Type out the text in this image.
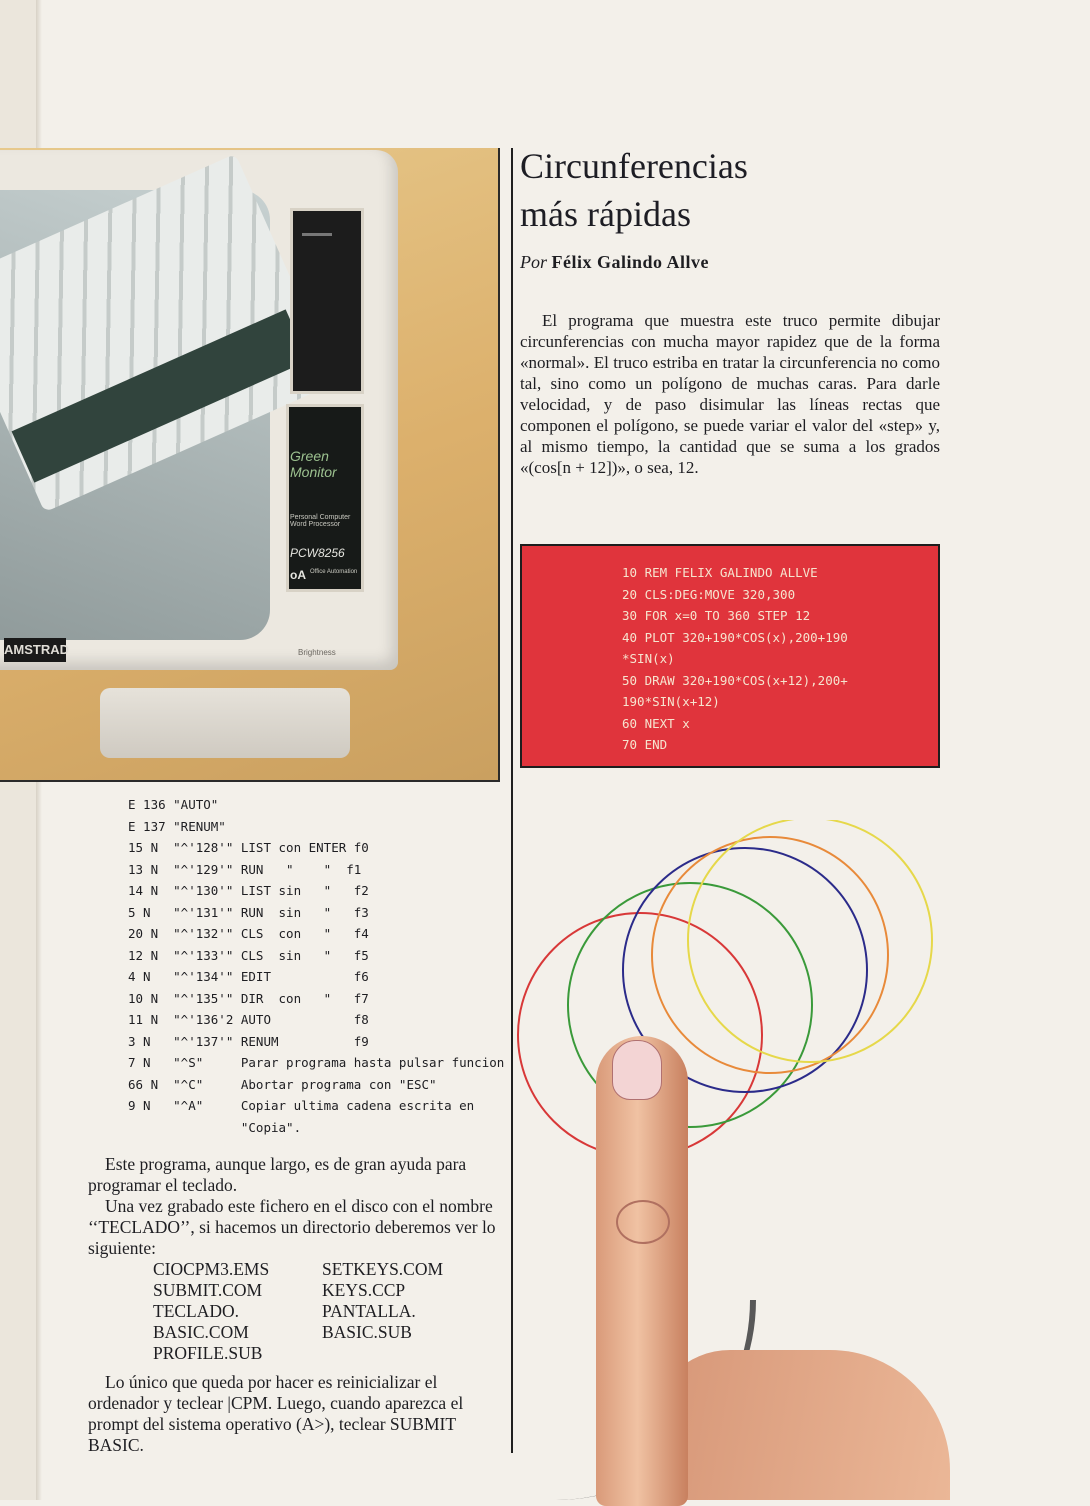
Green
Monitor
Personal Computer Word Processor
PCW8256
oA Office Automation
AMSTRAD	Brightness
Circunferencias
más rápidas
Por Félix Galindo Allve

El programa que muestra este truco permite dibujar circunferencias con mucha mayor rapidez que de la forma «normal». El truco estriba en tratar la circunferencia no como tal, sino como un polígono de muchas caras. Para darle velocidad, y de paso disimular las líneas rectas que componen el polígono, se puede variar el valor del «step» y, al mismo tiempo, la cantidad que se suma a los grados «(cos[n + 12])», o sea, 12.

10 REM FELIX GALINDO ALLVE
20 CLS:DEG:MOVE 320,300
30 FOR x=0 TO 360 STEP 12
40 PLOT 320+190*COS(x),200+190
*SIN(x)
50 DRAW 320+190*COS(x+12),200+
190*SIN(x+12)
60 NEXT x
70 END
E 136 "AUTO"
E 137 "RENUM"
15 N  "^'128'" LIST con ENTER f0
13 N  "^'129'" RUN   "    "  f1
14 N  "^'130'" LIST sin   "   f2
5 N   "^'131'" RUN  sin   "   f3
20 N  "^'132'" CLS  con   "   f4
12 N  "^'133'" CLS  sin   "   f5
4 N   "^'134'" EDIT           f6
10 N  "^'135'" DIR  con   "   f7
11 N  "^'136'2 AUTO           f8
3 N   "^'137'" RENUM          f9
7 N   "^S"     Parar programa hasta pulsar funcion
66 N  "^C"     Abortar programa con "ESC"
9 N   "^A"     Copiar ultima cadena escrita en
"Copia".

Este programa, aunque largo, es de gran ayuda para programar el teclado.

Una vez grabado este fichero en el disco con el nombre ‘‘TECLADO’’, si hacemos un directorio deberemos ver lo siguiente:

CIOCPM3.EMS
SUBMIT.COM
TECLADO.
BASIC.COM
PROFILE.SUB
SETKEYS.COM
KEYS.CCP
PANTALLA.
BASIC.SUB

Lo único que queda por hacer es reinicializar el ordenador y teclear |CPM. Luego, cuando aparezca el prompt del sistema operativo (A>), teclear SUBMIT BASIC.
